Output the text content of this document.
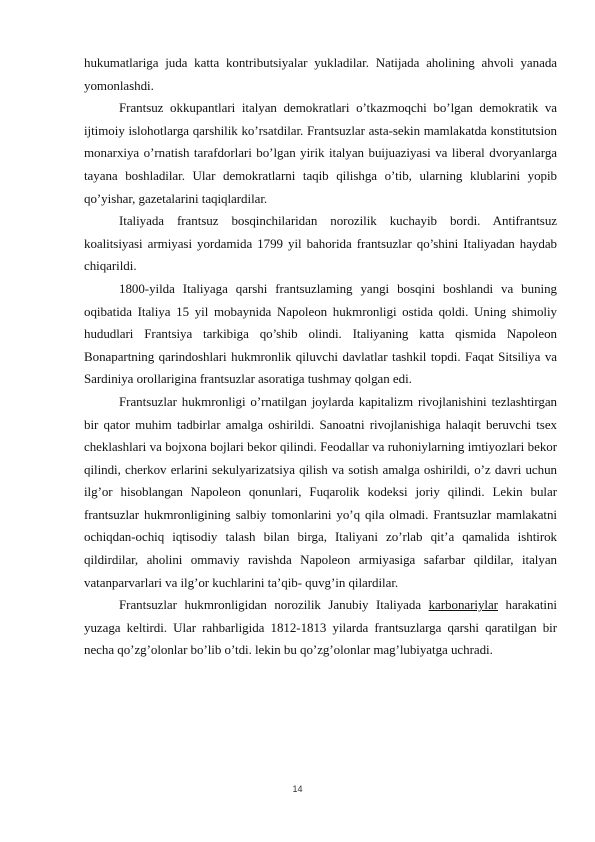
hukumatlariga juda katta kontributsiyalar yukladilar. Natijada aholining ahvoli yanada yomonlashdi.

Frantsuz okkupantlari italyan demokratlari o’tkazmoqchi bo’lgan demokratik va ijtimoiy islohotlarga qarshilik ko’rsatdilar. Frantsuzlar asta-sekin mamlakatda konstitutsion monarxiya o’rnatish tarafdorlari bo’lgan yirik italyan buijuaziyasi va liberal dvoryanlarga tayana boshladilar. Ular demokratlarni taqib qilishga o’tib, ularning klublarini yopib qo’yishar, gazetalarini taqiqlardilar.

Italiyada frantsuz bosqinchilaridan norozilik kuchayib bordi. Antifrantsuz koalitsiyasi armiyasi yordamida 1799 yil bahorida frantsuzlar qo’shini Italiyadan haydab chiqarildi.

1800-yilda Italiyaga qarshi frantsuzlaming yangi bosqini boshlandi va buning oqibatida Italiya 15 yil mobaynida Napoleon hukmronligi ostida qoldi. Uning shimoliy hududlari Frantsiya tarkibiga qo’shib olindi. Italiyaning katta qismida Napoleon Bonapartning qarindoshlari hukmronlik qiluvchi davlatlar tashkil topdi. Faqat Sitsiliya va Sardiniya orollarigina frantsuzlar asoratiga tushmay qolgan edi.

Frantsuzlar hukmronligi o’rnatilgan joylarda kapitalizm rivojlanishini tezlashtirgan bir qator muhim tadbirlar amalga oshirildi. Sanoatni rivojlanishiga halaqit beruvchi tsex cheklashlari va bojxona bojlari bekor qilindi. Feodallar va ruhoniylarning imtiyozlari bekor qilindi, cherkov erlarini sekulyarizatsiya qilish va sotish amalga oshirildi, o’z davri uchun ilg’or hisoblangan Napoleon qonunlari, Fuqarolik kodeksi joriy qilindi. Lekin bular frantsuzlar hukmronligining salbiy tomonlarini yo’q qila olmadi. Frantsuzlar mamlakatni ochiqdan-ochiq iqtisodiy talash bilan birga, Italiyani zo’rlab qit’a qamalida ishtirok qildirdilar, aholini ommaviy ravishda Napoleon armiyasiga safarbar qildilar, italyan vatanparvarlari va ilg’or kuchlarini ta’qib- quvg’in qilardilar.

Frantsuzlar hukmronligidan norozilik Janubiy Italiyada karbonariylar harakatini yuzaga keltirdi. Ular rahbarligida 1812-1813 yilarda frantsuzlarga qarshi qaratilgan bir necha qo’zg’olonlar bo’lib o’tdi. lekin bu qo’zg’olonlar mag’lubiyatga uchradi.

14
